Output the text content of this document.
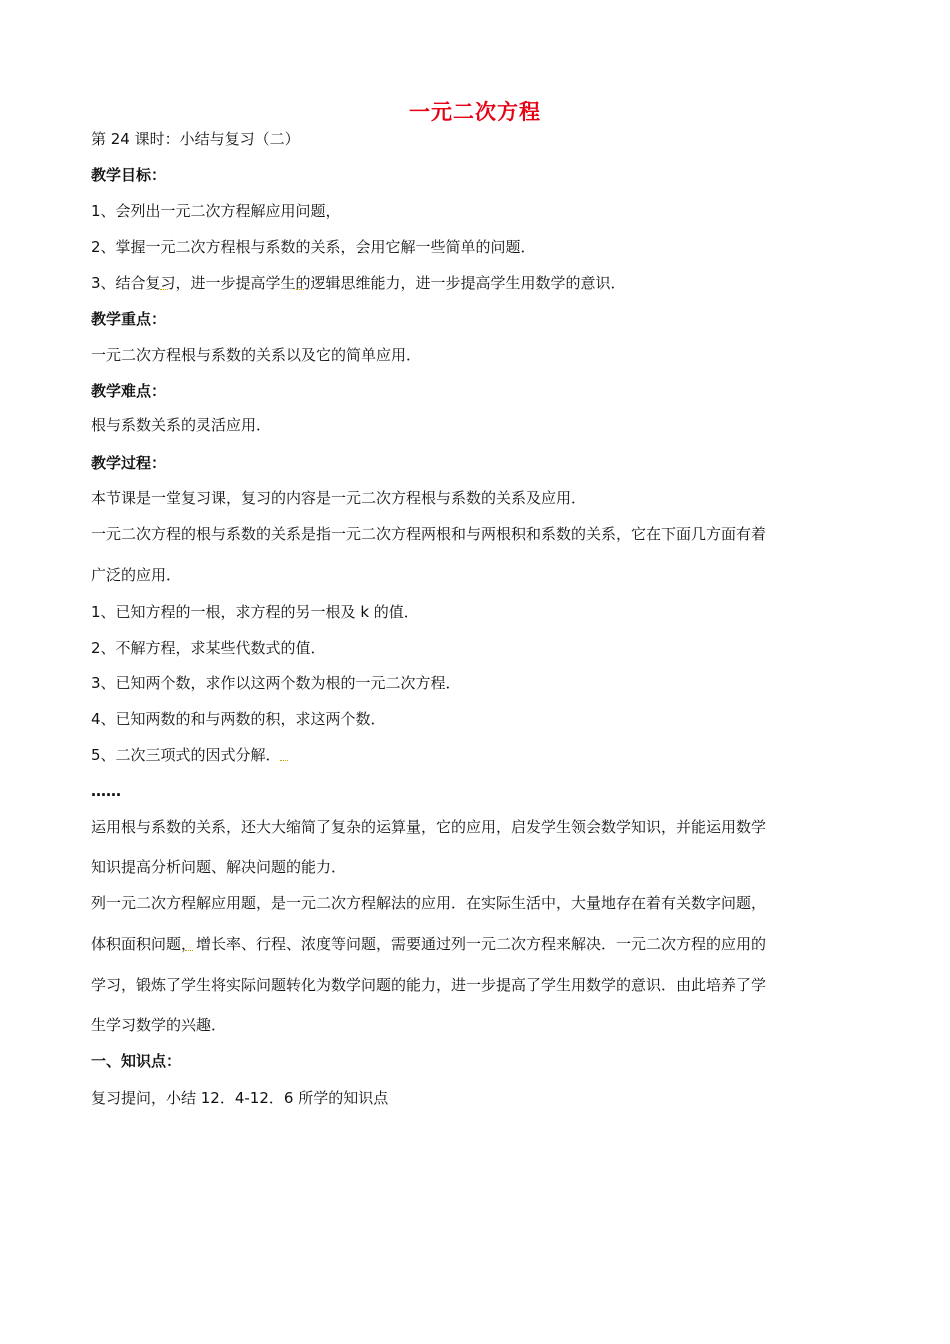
一元二次方程
第 24 课时：小结与复习（二）
教学目标：
1、会列出一元二次方程解应用问题，
2、掌握一元二次方程根与系数的关系，会用它解一些简单的问题．
3、结合复习，进一步提高学生的逻辑思维能力，进一步提高学生用数学的意识．
教学重点：
一元二次方程根与系数的关系以及它的简单应用．
教学难点：
根与系数关系的灵活应用．
教学过程：
本节课是一堂复习课，复习的内容是一元二次方程根与系数的关系及应用．
一元二次方程的根与系数的关系是指一元二次方程两根和与两根积和系数的关系，它在下面几方面有着
广泛的应用．
1、已知方程的一根，求方程的另一根及 k 的值．
2、不解方程，求某些代数式的值．
3、已知两个数，求作以这两个数为根的一元二次方程．
4、已知两数的和与两数的积，求这两个数．
5、二次三项式的因式分解．
……
运用根与系数的关系，还大大缩简了复杂的运算量，它的应用，启发学生领会数学知识，并能运用数学
知识提高分析问题、解决问题的能力．
列一元二次方程解应用题，是一元二次方程解法的应用．在实际生活中，大量地存在着有关数字问题，
体积面积问题，增长率、行程、浓度等问题，需要通过列一元二次方程来解决．一元二次方程的应用的
学习，锻炼了学生将实际问题转化为数学问题的能力，进一步提高了学生用数学的意识．由此培养了学
生学习数学的兴趣．
一、知识点：
复习提问，小结 12．4-12．6 所学的知识点
